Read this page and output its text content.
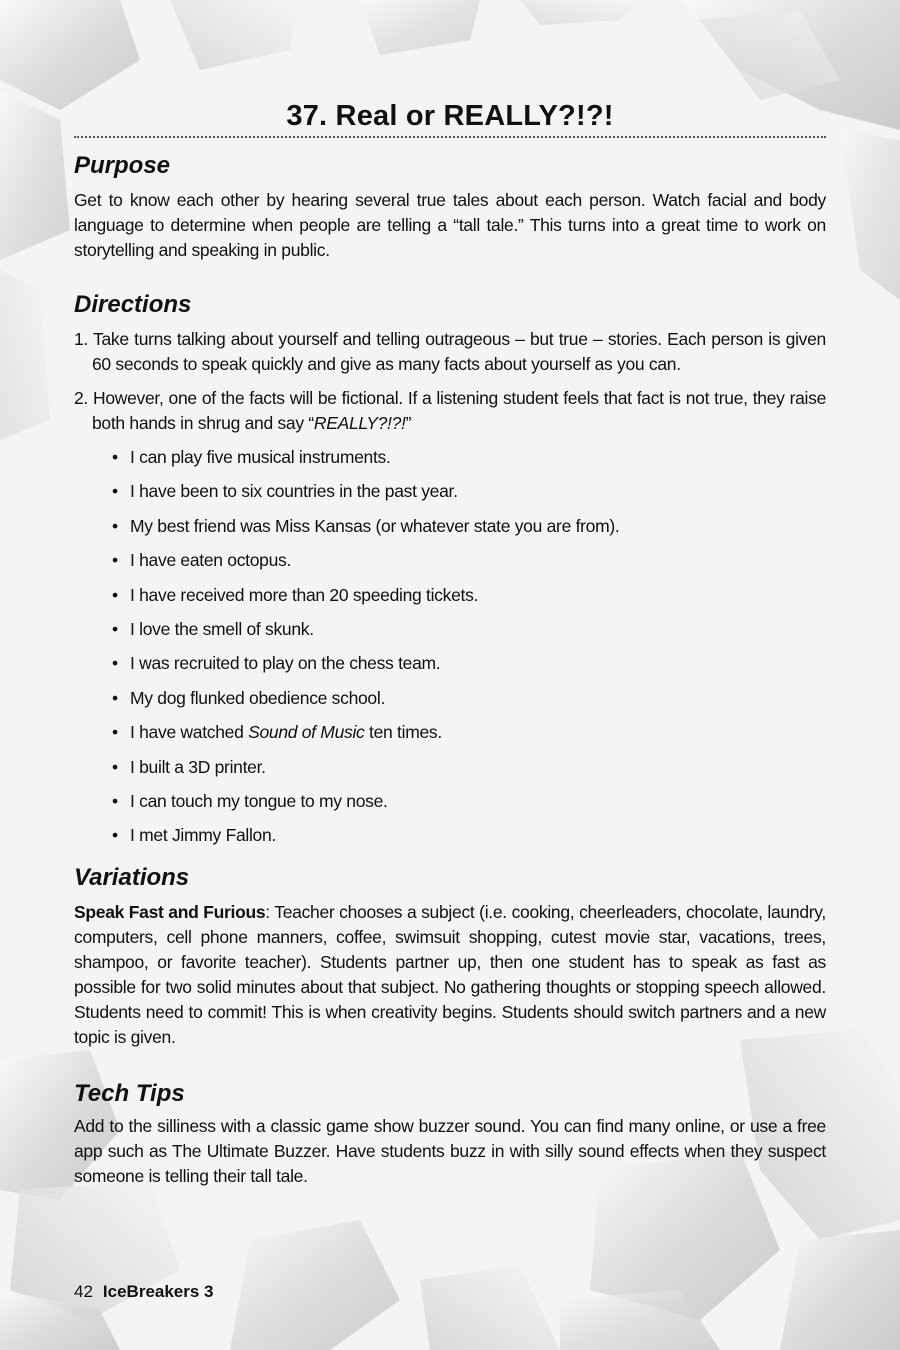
37. Real or REALLY?!?!
Purpose

Get to know each other by hearing several true tales about each person. Watch facial and body language to determine when people are telling a “tall tale.” This turns into a great time to work on storytelling and speaking in public.

Directions
1. Take turns talking about yourself and telling outrageous – but true – stories. Each person is given 60 seconds to speak quickly and give as many facts about yourself as you can.
2. However, one of the facts will be fictional. If a listening student feels that fact is not true, they raise both hands in shrug and say “REALLY?!?!”
• I can play five musical instruments.
• I have been to six countries in the past year.
• My best friend was Miss Kansas (or whatever state you are from).
• I have eaten octopus.
• I have received more than 20 speeding tickets.
• I love the smell of skunk.
• I was recruited to play on the chess team.
• My dog flunked obedience school.
• I have watched Sound of Music ten times.
• I built a 3D printer.
• I can touch my tongue to my nose.
• I met Jimmy Fallon.
Variations

Speak Fast and Furious: Teacher chooses a subject (i.e. cooking, cheerleaders, chocolate, laundry, computers, cell phone manners, coffee, swimsuit shopping, cutest movie star, vacations, trees, shampoo, or favorite teacher). Students partner up, then one student has to speak as fast as possible for two solid minutes about that subject. No gathering thoughts or stopping speech allowed. Students need to commit! This is when creativity begins. Students should switch partners and a new topic is given.

Tech Tips

Add to the silliness with a classic game show buzzer sound. You can find many online, or use a free app such as The Ultimate Buzzer. Have students buzz in with silly sound effects when they suspect someone is telling their tall tale.

42 IceBreakers 3
